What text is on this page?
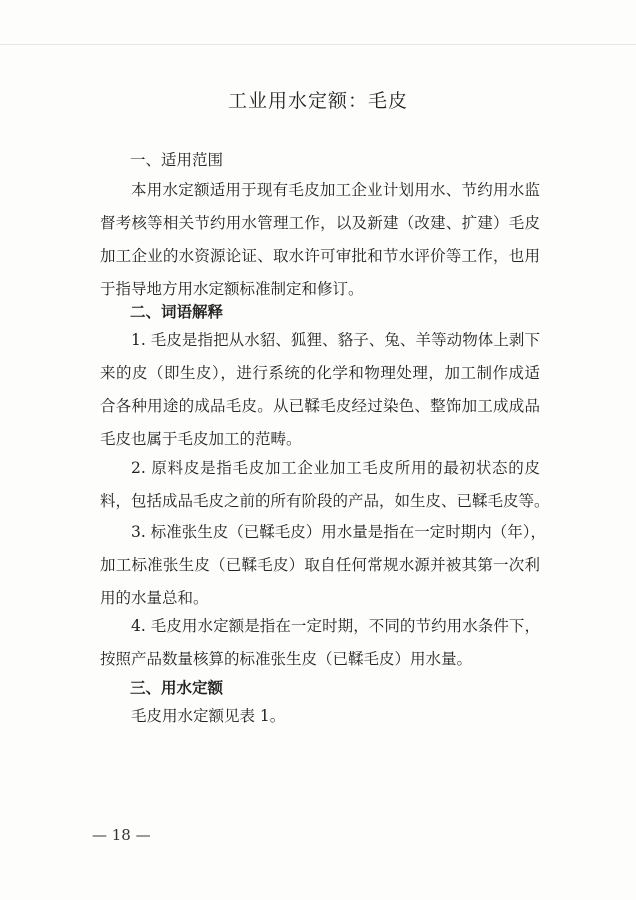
工业用水定额：毛皮
一、适用范围
本用水定额适用于现有毛皮加工企业计划用水、节约用水监
督考核等相关节约用水管理工作，以及新建（改建、扩建）毛皮
加工企业的水资源论证、取水许可审批和节水评价等工作，也用
于指导地方用水定额标准制定和修订。
二、词语解释
1. 毛皮是指把从水貂、狐狸、貉子、兔、羊等动物体上剥下
来的皮（即生皮），进行系统的化学和物理处理，加工制作成适
合各种用途的成品毛皮。从已鞣毛皮经过染色、整饰加工成成品
毛皮也属于毛皮加工的范畴。
2. 原料皮是指毛皮加工企业加工毛皮所用的最初状态的皮
料，包括成品毛皮之前的所有阶段的产品，如生皮、已鞣毛皮等。
3. 标准张生皮（已鞣毛皮）用水量是指在一定时期内（年），
加工标准张生皮（已鞣毛皮）取自任何常规水源并被其第一次利
用的水量总和。
4. 毛皮用水定额是指在一定时期，不同的节约用水条件下，
按照产品数量核算的标准张生皮（已鞣毛皮）用水量。
三、用水定额
毛皮用水定额见表 1。
— 18 —
